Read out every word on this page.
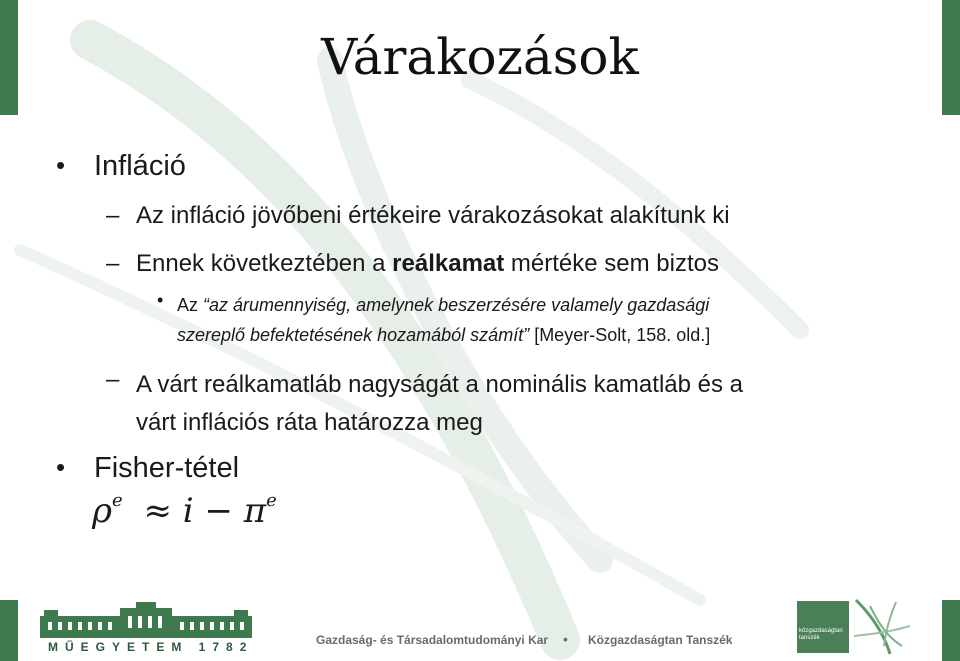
Várakozások
• Infláció
– Az infláció jövőbeni értékeire várakozásokat alakítunk ki
– Ennek következtében a reálkamat mértéke sem biztos
• Az “az árumennyiség, amelynek beszerzésére valamely gazdasági
szereplő befektetésének hozamából számít” [Meyer-Solt, 158. old.]
– A várt reálkamatláb nagyságát a nominális kamatláb és a
várt inflációs ráta határozza meg
• Fisher-tétel
$\rho^e \approx i - \pi^e$
MŰEGYETEM 1782	Gazdaság- és Társadalomtudományi Kar • Közgazdaságtan Tanszék
közgazdaságtan tanszék
